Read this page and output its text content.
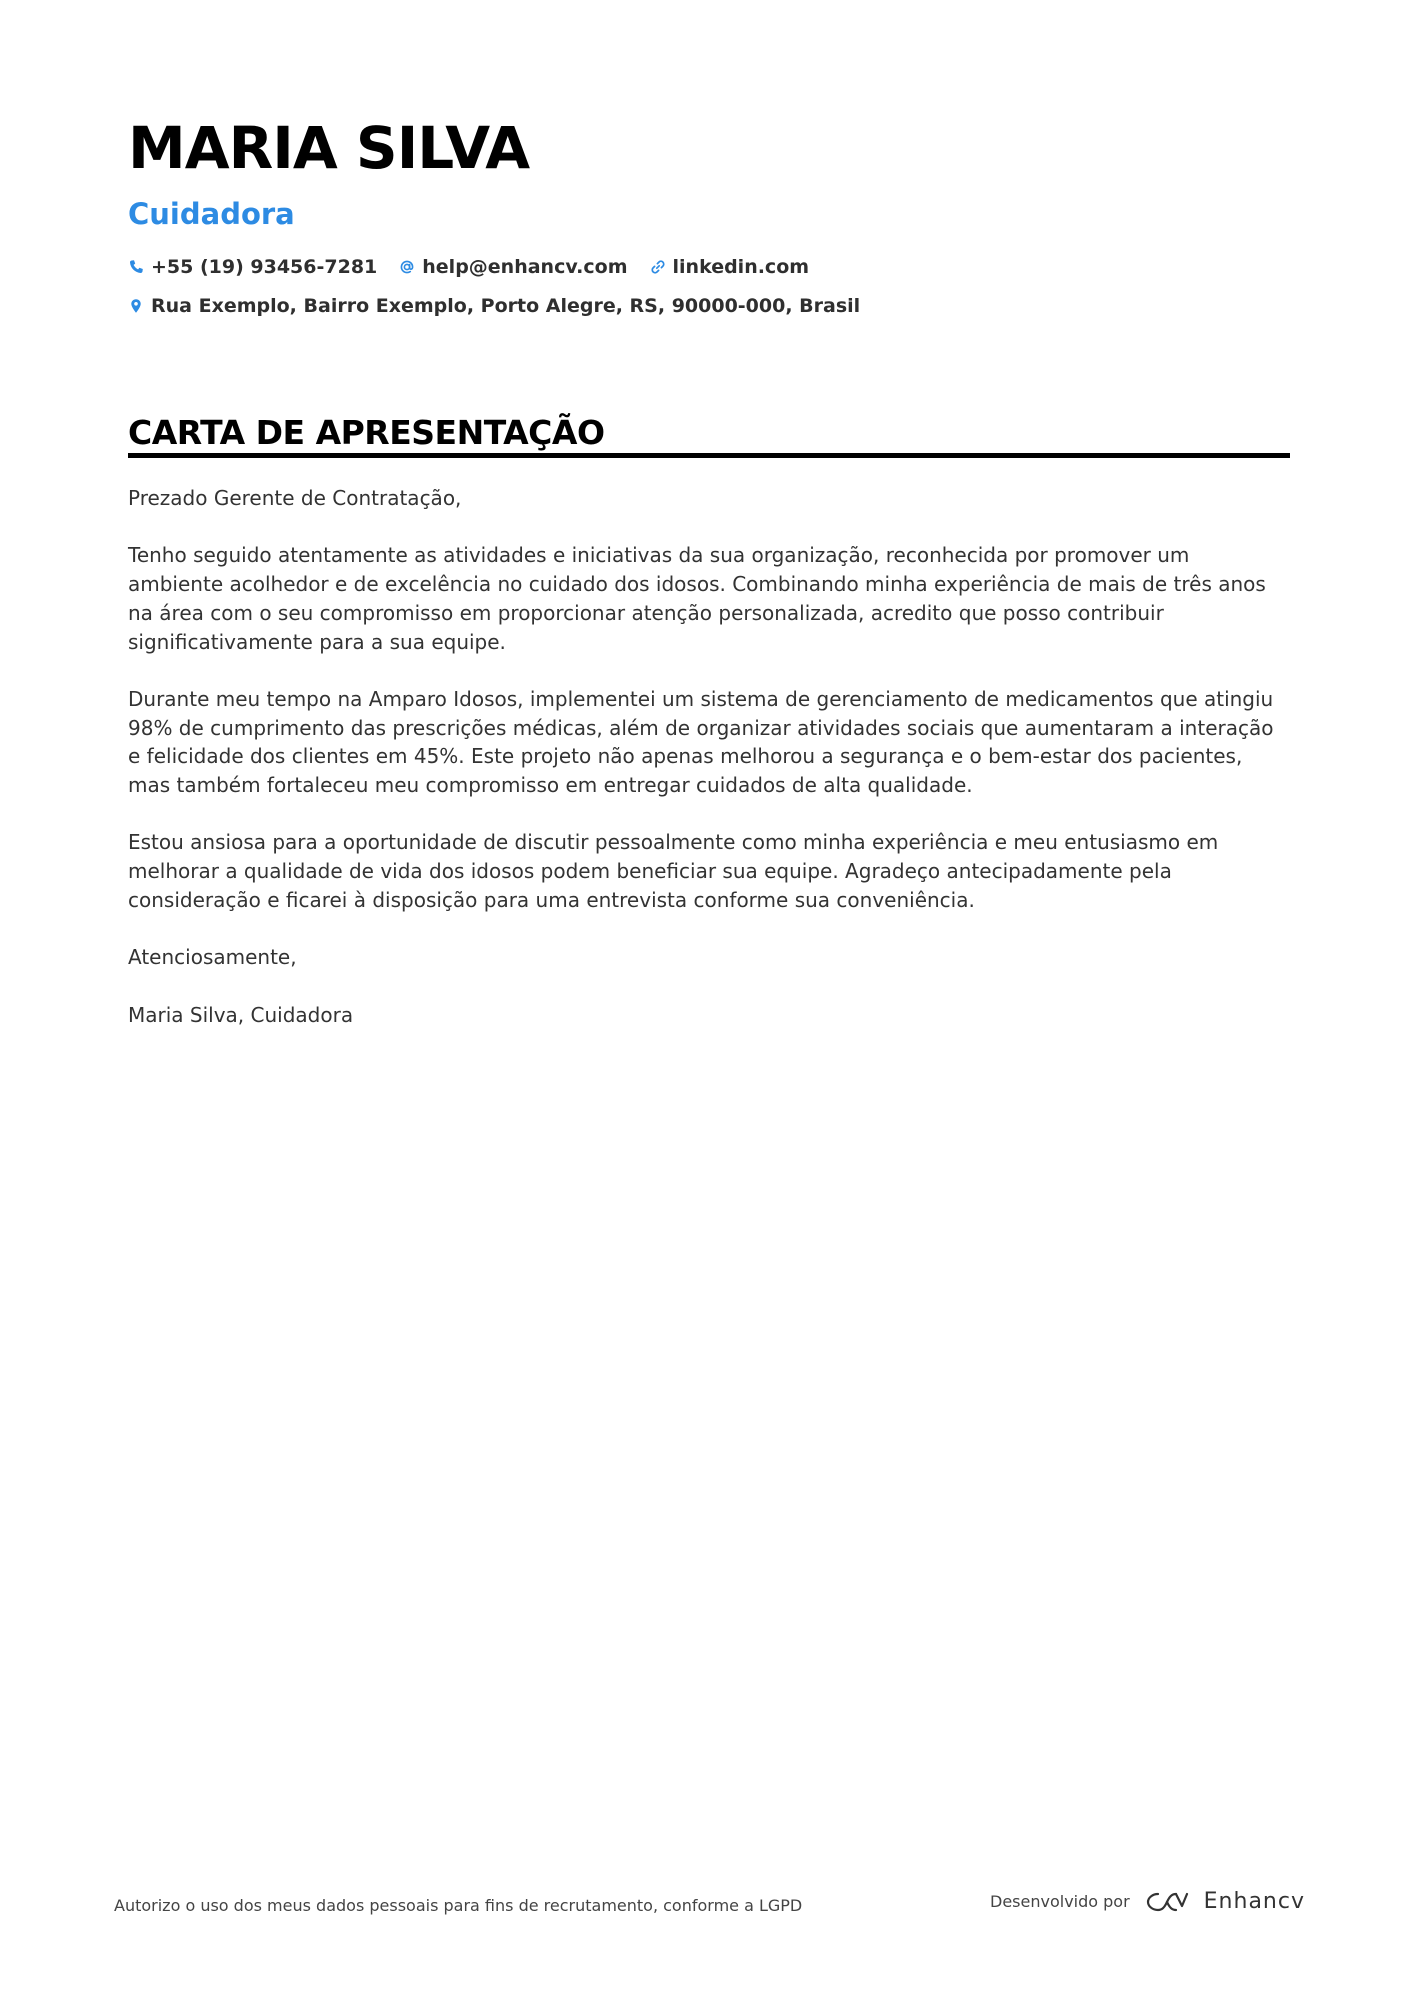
MARIA SILVA
Cuidadora
+55 (19) 93456-7281 help@enhancv.com linkedin.com
Rua Exemplo, Bairro Exemplo, Porto Alegre, RS, 90000-000, Brasil
CARTA DE APRESENTAÇÃO

Prezado Gerente de Contratação,

Tenho seguido atentamente as atividades e iniciativas da sua organização, reconhecida por promover um ambiente acolhedor e de excelência no cuidado dos idosos. Combinando minha experiência de mais de três anos na área com o seu compromisso em proporcionar atenção personalizada, acredito que posso contribuir significativamente para a sua equipe.

Durante meu tempo na Amparo Idosos, implementei um sistema de gerenciamento de medicamentos que atingiu 98% de cumprimento das prescrições médicas, além de organizar atividades sociais que aumentaram a interação e felicidade dos clientes em 45%. Este projeto não apenas melhorou a segurança e o bem-estar dos pacientes, mas também fortaleceu meu compromisso em entregar cuidados de alta qualidade.

Estou ansiosa para a oportunidade de discutir pessoalmente como minha experiência e meu entusiasmo em melhorar a qualidade de vida dos idosos podem beneficiar sua equipe. Agradeço antecipadamente pela consideração e ficarei à disposição para uma entrevista conforme sua conveniência.

Atenciosamente,

Maria Silva, Cuidadora

Autorizo o uso dos meus dados pessoais para fins de recrutamento, conforme a LGPD	Desenvolvido por	Enhancv
